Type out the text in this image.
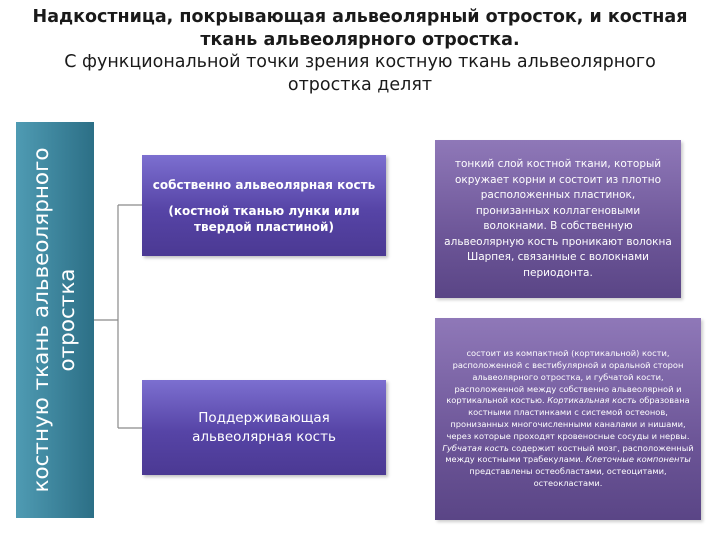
Надкостница, покрывающая альвеолярный отросток, и костная ткань альвеолярного отростка.
С функциональной точки зрения костную ткань альвеолярного отростка делят
костную ткань альвеолярного отростка
собственно альвеолярная кость
(костной тканью лунки или твердой пластиной)
Поддерживающая альвеолярная кость
тонкий слой костной ткани, который окружает корни и состоит из плотно расположенных пластинок, пронизанных коллагеновыми волокнами. В собственную альвеолярную кость проникают волокна Шарпея, связанные с волокнами периодонта.
состоит из компактной (кортикальной) кости, расположенной с вестибулярной и оральной сторон альвеолярного отростка, и губчатой кости, расположенной между собственно альвеолярной и кортикальной костью. Кортикальная кость образована костными пластинками с системой остеонов, пронизанных многочисленными каналами и нишами, через которые проходят кровеносные сосуды и нервы. Губчатая кость содержит костный мозг, расположенный между костными трабекулами. Клеточные компоненты представлены остеобластами, остеоцитами, остеокластами.
